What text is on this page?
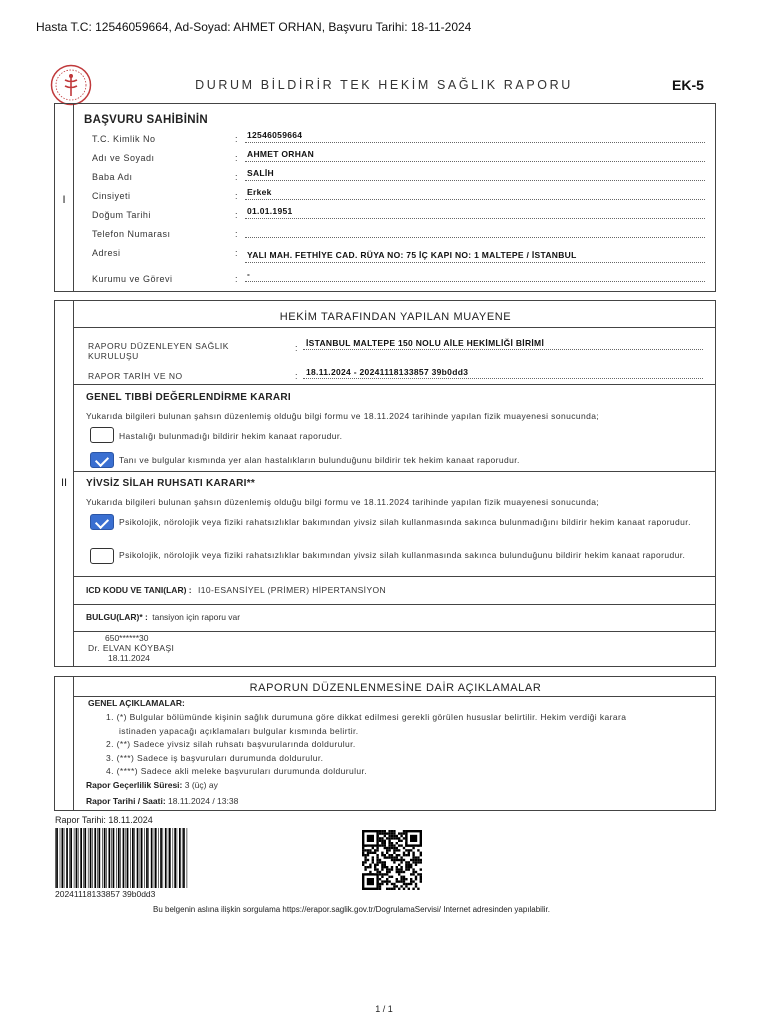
Hasta T.C: 12546059664, Ad-Soyad: AHMET ORHAN, Başvuru Tarihi: 18-11-2024
DURUM BİLDİRİR TEK HEKİM SAĞLIK RAPORU	EK-5
I
BAŞVURU SAHİBİNİN
T.C. Kimlik No	: 12546059664
Adı ve Soyadı	: AHMET ORHAN
Baba Adı	: SALİH
Cinsiyeti	: Erkek
Doğum Tarihi	: 01.01.1951
Telefon Numarası	:
Adresi	: YALI MAH. FETHİYE CAD. RÜYA NO: 75 İÇ KAPI NO: 1 MALTEPE / İSTANBUL
Kurumu ve Görevi	: -
II
HEKİM TARAFINDAN YAPILAN MUAYENE
RAPORU DÜZENLEYEN SAĞLIK KURULUŞU
: İSTANBUL MALTEPE 150 NOLU AİLE HEKİMLİĞİ BİRİMİ
RAPOR TARİH VE NO	: 18.11.2024 - 20241118133857 39b0dd3
GENEL TIBBİ DEĞERLENDİRME KARARI
Yukarıda bilgileri bulunan şahsın düzenlemiş olduğu bilgi formu ve 18.11.2024 tarihinde yapılan fizik muayenesi sonucunda;
Hastalığı bulunmadığı bildirir hekim kanaat raporudur.
Tanı ve bulgular kısmında yer alan hastalıkların bulunduğunu bildirir tek hekim kanaat raporudur.
YİVSİZ SİLAH RUHSATI KARARI**
Yukarıda bilgileri bulunan şahsın düzenlemiş olduğu bilgi formu ve 18.11.2024 tarihinde yapılan fizik muayenesi sonucunda;
Psikolojik, nörolojik veya fiziki rahatsızlıklar bakımından yivsiz silah kullanmasında sakınca bulunmadığını bildirir hekim kanaat raporudur.
Psikolojik, nörolojik veya fiziki rahatsızlıklar bakımından yivsiz silah kullanmasında sakınca bulunduğunu bildirir hekim kanaat raporudur.
ICD KODU VE TANI(LAR) : I10-ESANSİYEL (PRİMER) HİPERTANSİYON
BULGU(LAR)* : tansiyon için raporu var
650******30
Dr. ELVAN KÖYBAŞI
18.11.2024
RAPORUN DÜZENLENMESİNE DAİR AÇIKLAMALAR
GENEL AÇIKLAMALAR:
1. (*) Bulgular bölümünde kişinin sağlık durumuna göre dikkat edilmesi gerekli görülen hususlar belirtilir. Hekim verdiği karara
istinaden yapacağı açıklamaları bulgular kısmında belirtir.
2. (**) Sadece yivsiz silah ruhsatı başvurularında doldurulur.
3. (***) Sadece iş başvuruları durumunda doldurulur.
4. (****) Sadece akli meleke başvuruları durumunda doldurulur.
Rapor Geçerlilik Süresi: 3 (üç) ay
Rapor Tarihi / Saati: 18.11.2024 / 13:38
Rapor Tarihi: 18.11.2024
20241118133857 39b0dd3
Bu belgenin aslına ilişkin sorgulama https://erapor.saglik.gov.tr/DogrulamaServisi/ Internet adresinden yapılabilir.
1 / 1
